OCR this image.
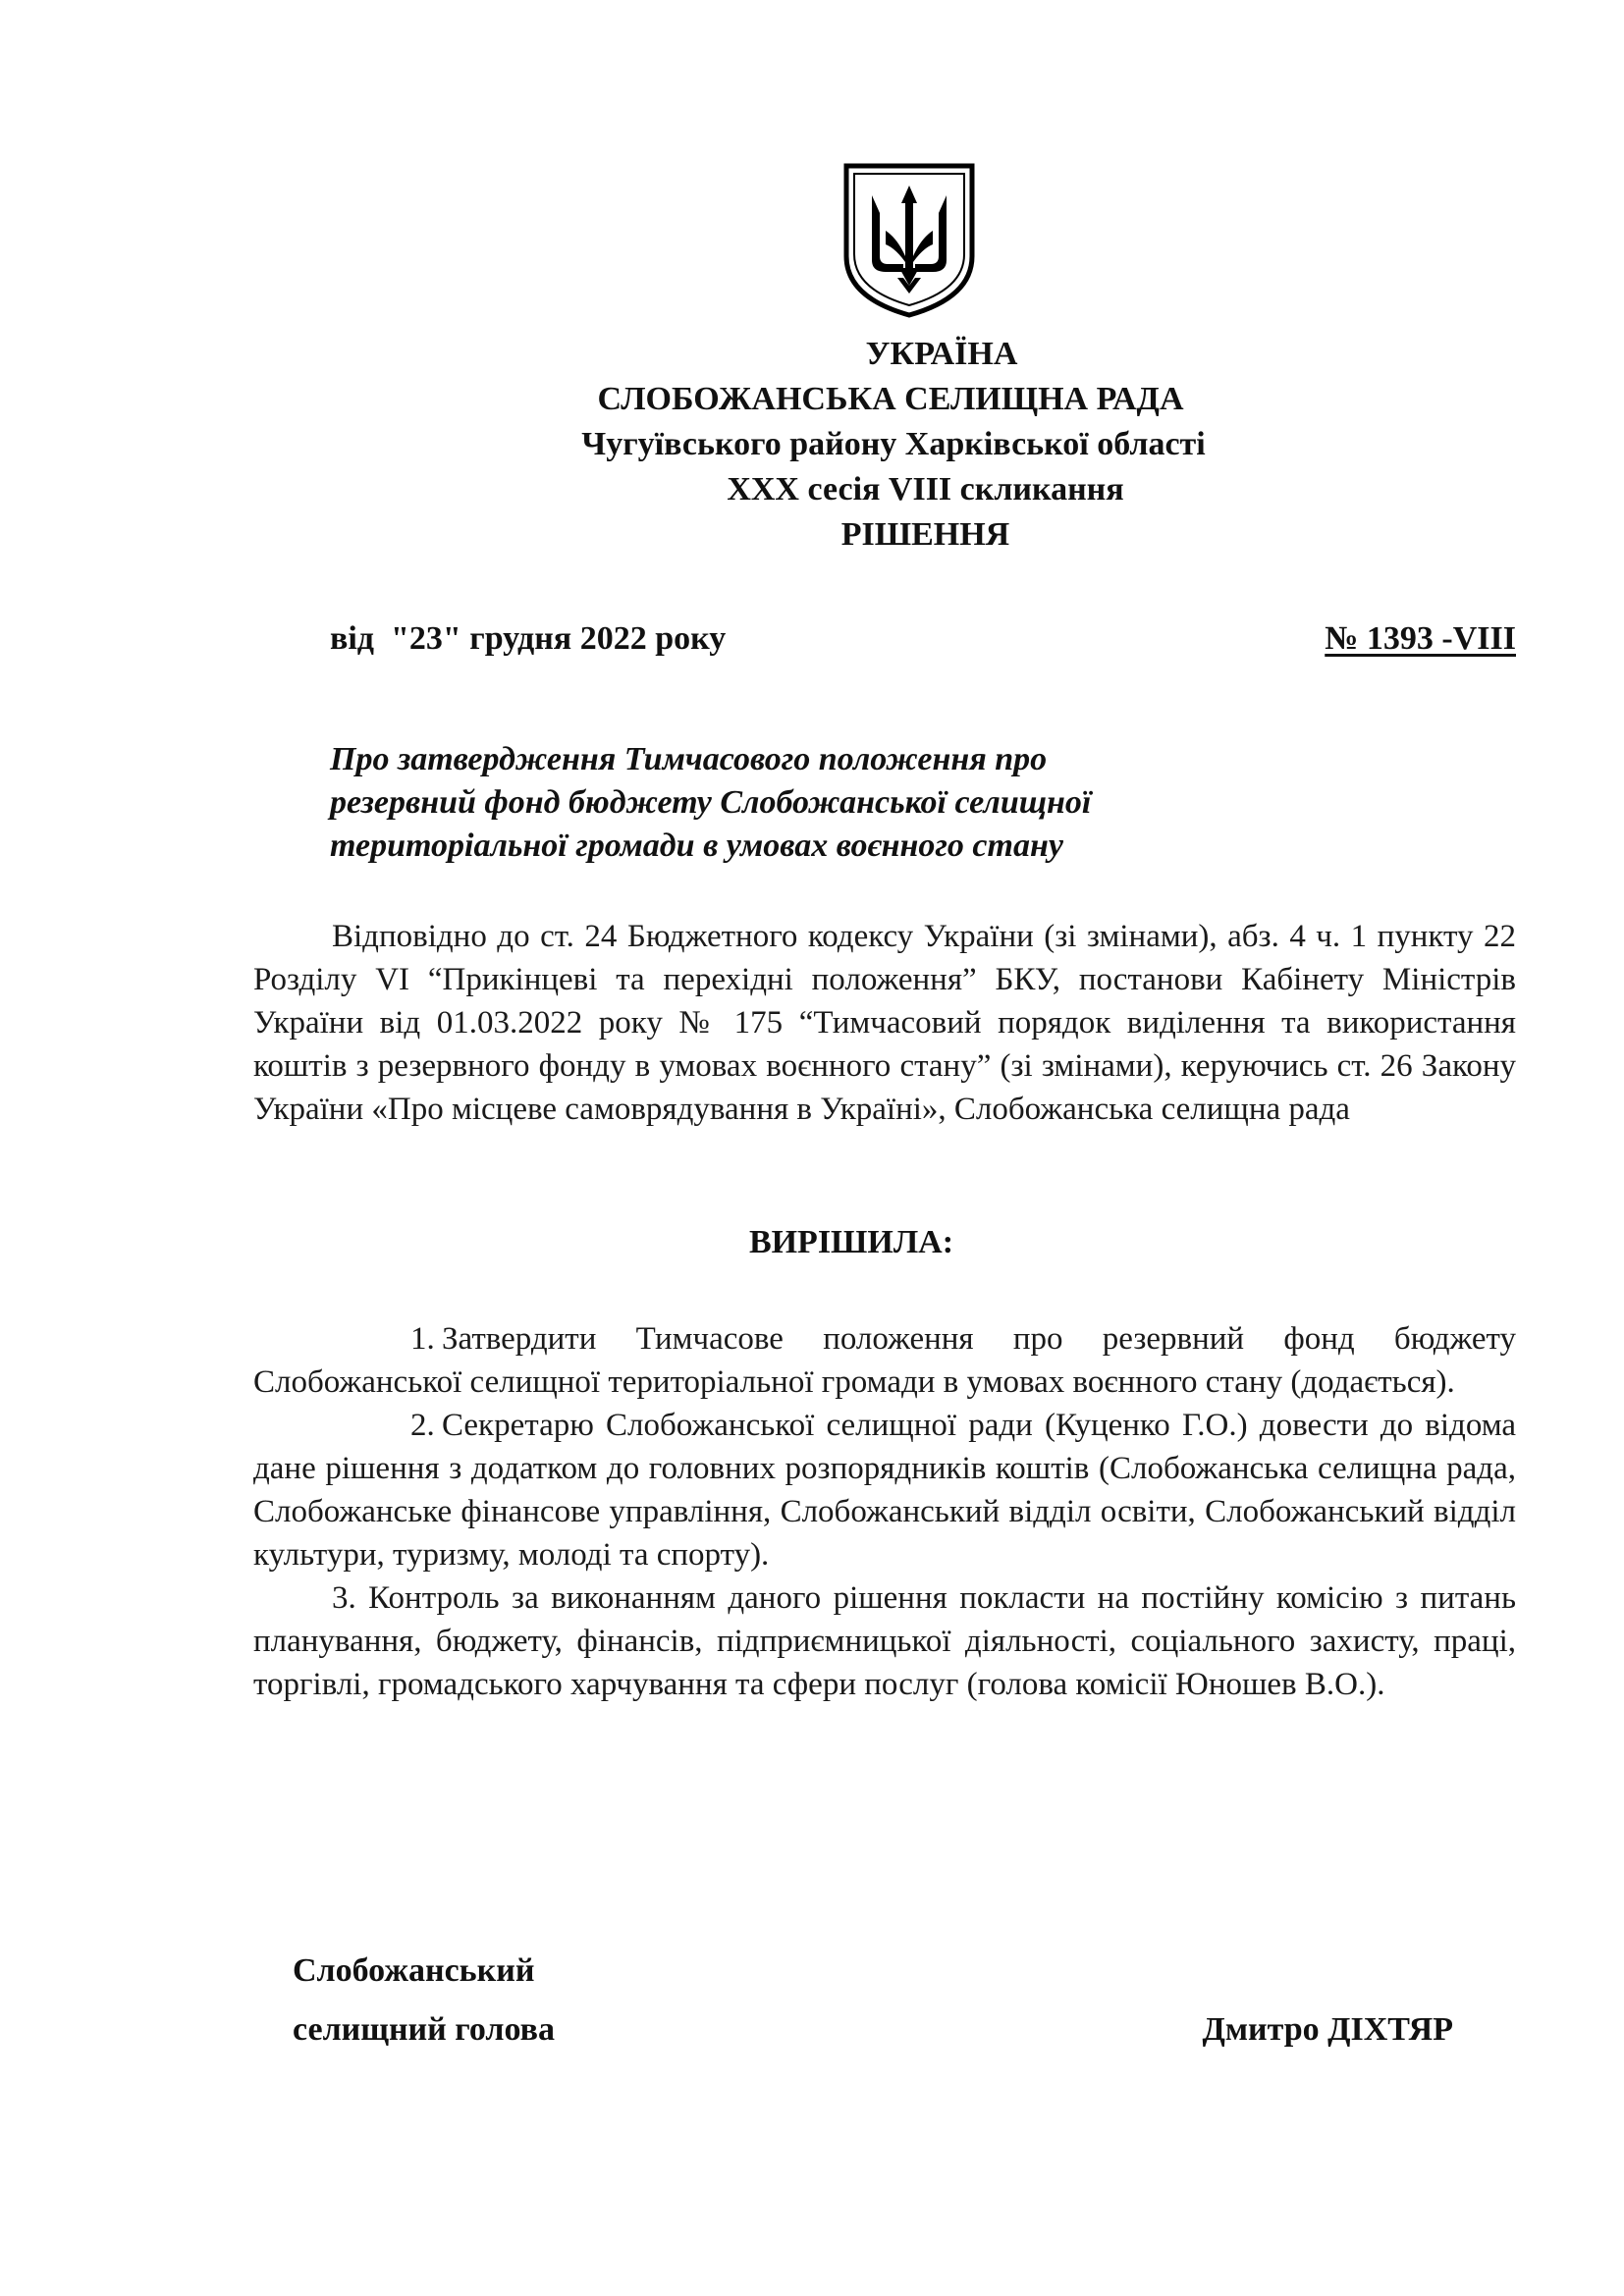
УКРАЇНА
СЛОБОЖАНСЬКА СЕЛИЩНА РАДА
Чугуївського району Харківської області
XXX сесія VIII скликання
РІШЕННЯ
від  "23" грудня 2022 року	№ 1393 -VIII
Про затвердження Тимчасового положення про
резервний фонд бюджету Слобожанської селищної
територіальної громади в умовах воєнного стану

Відповідно до ст. 24 Бюджетного кодексу України (зі змінами), абз. 4 ч. 1 пункту 22 Розділу VI “Прикінцеві та перехідні положення” БКУ, постанови Кабінету Міністрів України від 01.03.2022 року № 175 “Тимчасовий порядок виділення та використання коштів з резервного фонду в умовах воєнного стану” (зі змінами), керуючись ст. 26 Закону України «Про місцеве самоврядування в Україні», Слобожанська селищна рада

ВИРІШИЛА:

1. Затвердити Тимчасове положення про резервний фонд бюджету Слобожанської селищної територіальної громади в умовах воєнного стану (додається).

2. Секретарю Слобожанської селищної ради (Куценко Г.О.) довести до відома дане рішення з додатком до головних розпорядників коштів (Слобожанська селищна рада, Слобожанське фінансове управління, Слобожанський відділ освіти, Слобожанський відділ культури, туризму, молоді та спорту).

3. Контроль за виконанням даного рішення покласти на постійну комісію з питань планування, бюджету, фінансів, підприємницької діяльності, соціального захисту, праці, торгівлі, громадського харчування та сфери послуг (голова комісії Юношев В.О.).

Слобожанський
селищний голова	Дмитро ДІХТЯР
